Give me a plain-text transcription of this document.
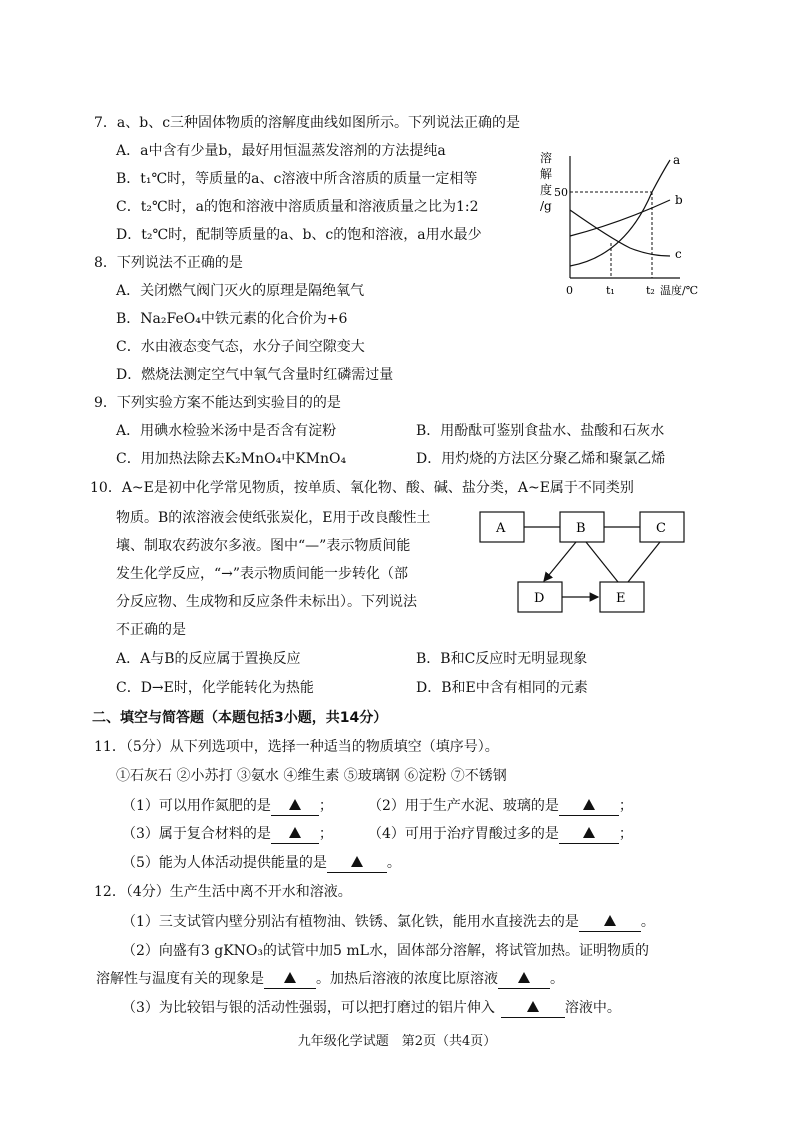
7．a、b、c三种固体物质的溶解度曲线如图所示。下列说法正确的是
A．a中含有少量b，最好用恒温蒸发溶剂的方法提纯a
B．t₁℃时，等质量的a、c溶液中所含溶质的质量一定相等
C．t₂℃时，a的饱和溶液中溶质质量和溶液质量之比为1:2
D．t₂℃时，配制等质量的a、b、c的饱和溶液，a用水最少
溶
解
度
/g
50
a
b
c
0	t₁	t₂ 温度/℃
8．下列说法不正确的是
A．关闭燃气阀门灭火的原理是隔绝氧气
B．Na₂FeO₄中铁元素的化合价为+6
C．水由液态变气态，水分子间空隙变大
D．燃烧法测定空气中氧气含量时红磷需过量
9．下列实验方案不能达到实验目的的是
A．用碘水检验米汤中是否含有淀粉	B．用酚酞可鉴别食盐水、盐酸和石灰水
C．用加热法除去K₂MnO₄中KMnO₄	D．用灼烧的方法区分聚乙烯和聚氯乙烯
10．A~E是初中化学常见物质，按单质、氧化物、酸、碱、盐分类，A~E属于不同类别
物质。B的浓溶液会使纸张炭化，E用于改良酸性土
壤、制取农药波尔多液。图中“—”表示物质间能
发生化学反应，“→”表示物质间能一步转化（部
分反应物、生成物和反应条件未标出）。下列说法
不正确的是
A．A与B的反应属于置换反应	B．B和C反应时无明显现象
C．D→E时，化学能转化为热能	D．B和E中含有相同的元素
A	B	C
D	E
二、填空与简答题（本题包括3小题，共14分）
11．（5分）从下列选项中，选择一种适当的物质填空（填序号）。
①石灰石 ②小苏打 ③氨水 ④维生素 ⑤玻璃钢 ⑥淀粉 ⑦不锈钢
（1）可以用作氮肥的是	；	（2）用于生产水泥、玻璃的是	；
（3）属于复合材料的是	；	（4）可用于治疗胃酸过多的是	；
（5）能为人体活动提供能量的是	。
12．（4分）生产生活中离不开水和溶液。
（1）三支试管内壁分别沾有植物油、铁锈、氯化铁，能用水直接洗去的是	。
（2）向盛有3 gKNO₃的试管中加5 mL水，固体部分溶解，将试管加热。证明物质的
溶解性与温度有关的现象是	。加热后溶液的浓度比原溶液	。
（3）为比较铝与银的活动性强弱，可以把打磨过的铝片伸入	溶液中。
九年级化学试题　第2页（共4页）
